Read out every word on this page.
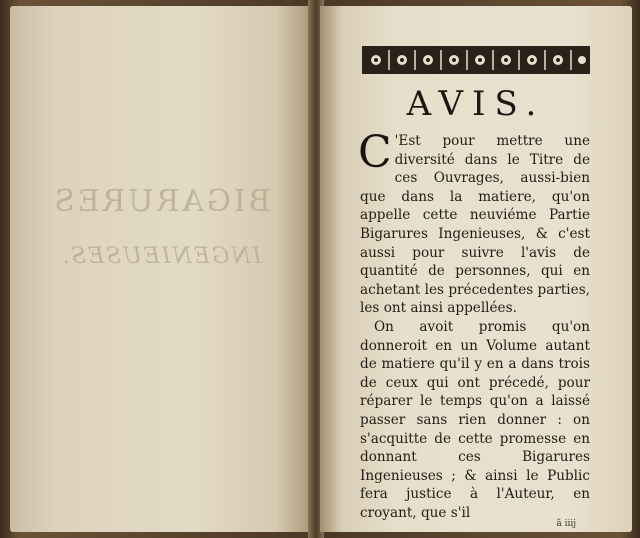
BIGARURES
INGENIEUSES.
AVIS.

C 'Est pour mettre une diversité dans le Titre de ces Ouvrages, aussi-bien que dans la matiere, qu'on appelle cette neuviéme Partie Bigarures Ingenieuses, & c'est aussi pour suivre l'avis de quantité de personnes, qui en achetant les précedentes parties, les ont ainsi appellées.

On avoit promis qu'on donneroit en un Volume autant de matiere qu'il y en a dans trois de ceux qui ont précedé, pour réparer le temps qu'on a laissé passer sans rien donner : on s'acquitte de cette promesse en donnant ces Bigarures Ingenieuses ; & ainsi le Public fera justice à l'Auteur, en croyant, que s'il

ã iiij
